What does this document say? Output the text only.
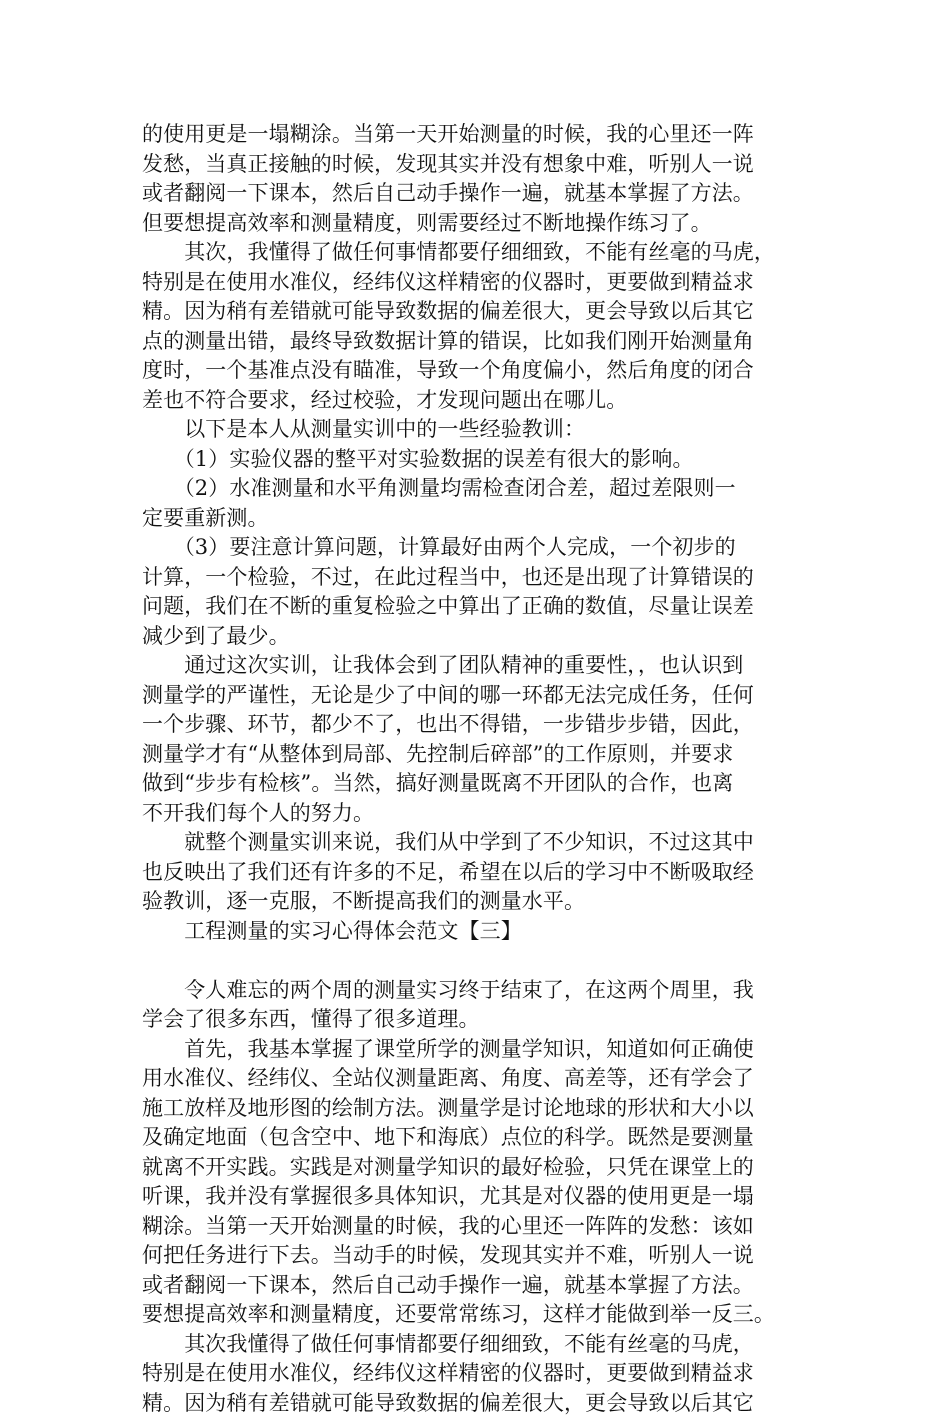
的使用更是一塌糊涂。当第一天开始测量的时候，我的心里还一阵
发愁，当真正接触的时候，发现其实并没有想象中难，听别人一说
或者翻阅一下课本，然后自己动手操作一遍，就基本掌握了方法。
但要想提高效率和测量精度，则需要经过不断地操作练习了。
　　其次，我懂得了做任何事情都要仔细细致，不能有丝毫的马虎，
特别是在使用水准仪，经纬仪这样精密的仪器时，更要做到精益求
精。因为稍有差错就可能导致数据的偏差很大，更会导致以后其它
点的测量出错，最终导致数据计算的错误，比如我们刚开始测量角
度时，一个基准点没有瞄准，导致一个角度偏小，然后角度的闭合
差也不符合要求，经过校验，才发现问题出在哪儿。
　　以下是本人从测量实训中的一些经验教训：
　　（1）实验仪器的整平对实验数据的误差有很大的影响。
　　（2）水准测量和水平角测量均需检查闭合差，超过差限则一
定要重新测。
　　（3）要注意计算问题，计算最好由两个人完成，一个初步的
计算，一个检验，不过，在此过程当中，也还是出现了计算错误的
问题，我们在不断的重复检验之中算出了正确的数值，尽量让误差
减少到了最少。
　　通过这次实训，让我体会到了团队精神的重要性，，也认识到
测量学的严谨性，无论是少了中间的哪一环都无法完成任务，任何
一个步骤、环节，都少不了，也出不得错，一步错步步错，因此，
测量学才有“从整体到局部、先控制后碎部”的工作原则，并要求
做到“步步有检核”。当然，搞好测量既离不开团队的合作，也离
不开我们每个人的努力。
　　就整个测量实训来说，我们从中学到了不少知识，不过这其中
也反映出了我们还有许多的不足，希望在以后的学习中不断吸取经
验教训，逐一克服，不断提高我们的测量水平。
　　工程测量的实习心得体会范文【三】
　　令人难忘的两个周的测量实习终于结束了，在这两个周里，我
学会了很多东西，懂得了很多道理。
　　首先，我基本掌握了课堂所学的测量学知识，知道如何正确使
用水准仪、经纬仪、全站仪测量距离、角度、高差等，还有学会了
施工放样及地形图的绘制方法。测量学是讨论地球的形状和大小以
及确定地面（包含空中、地下和海底）点位的科学。既然是要测量
就离不开实践。实践是对测量学知识的最好检验，只凭在课堂上的
听课，我并没有掌握很多具体知识，尤其是对仪器的使用更是一塌
糊涂。当第一天开始测量的时候，我的心里还一阵阵的发愁：该如
何把任务进行下去。当动手的时候，发现其实并不难，听别人一说
或者翻阅一下课本，然后自己动手操作一遍，就基本掌握了方法。
要想提高效率和测量精度，还要常常练习，这样才能做到举一反三。
　　其次我懂得了做任何事情都要仔细细致，不能有丝毫的马虎，
特别是在使用水准仪，经纬仪这样精密的仪器时，更要做到精益求
精。因为稍有差错就可能导致数据的偏差很大，更会导致以后其它
